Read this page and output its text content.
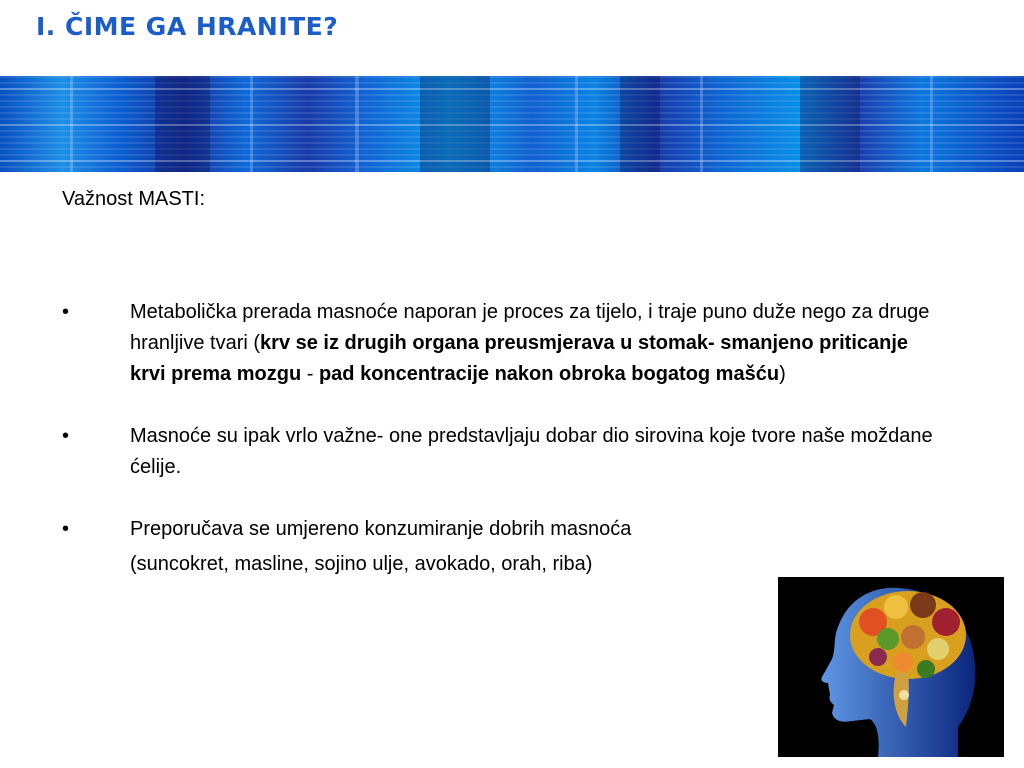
I. ČIME GA HRANITE?
Važnost MASTI:
•	Metabolička prerada masnoće naporan je proces za tijelo, i traje puno duže nego za druge hranljive tvari (krv se iz drugih organa preusmjerava u stomak- smanjeno priticanje krvi prema mozgu - pad koncentracije nakon obroka bogatog mašću)
•	Masnoće su ipak vrlo važne- one predstavljaju dobar dio sirovina koje tvore naše moždane ćelije.
•	Preporučava se umjereno konzumiranje dobrih masnoća
(suncokret, masline, sojino ulje, avokado, orah, riba)
